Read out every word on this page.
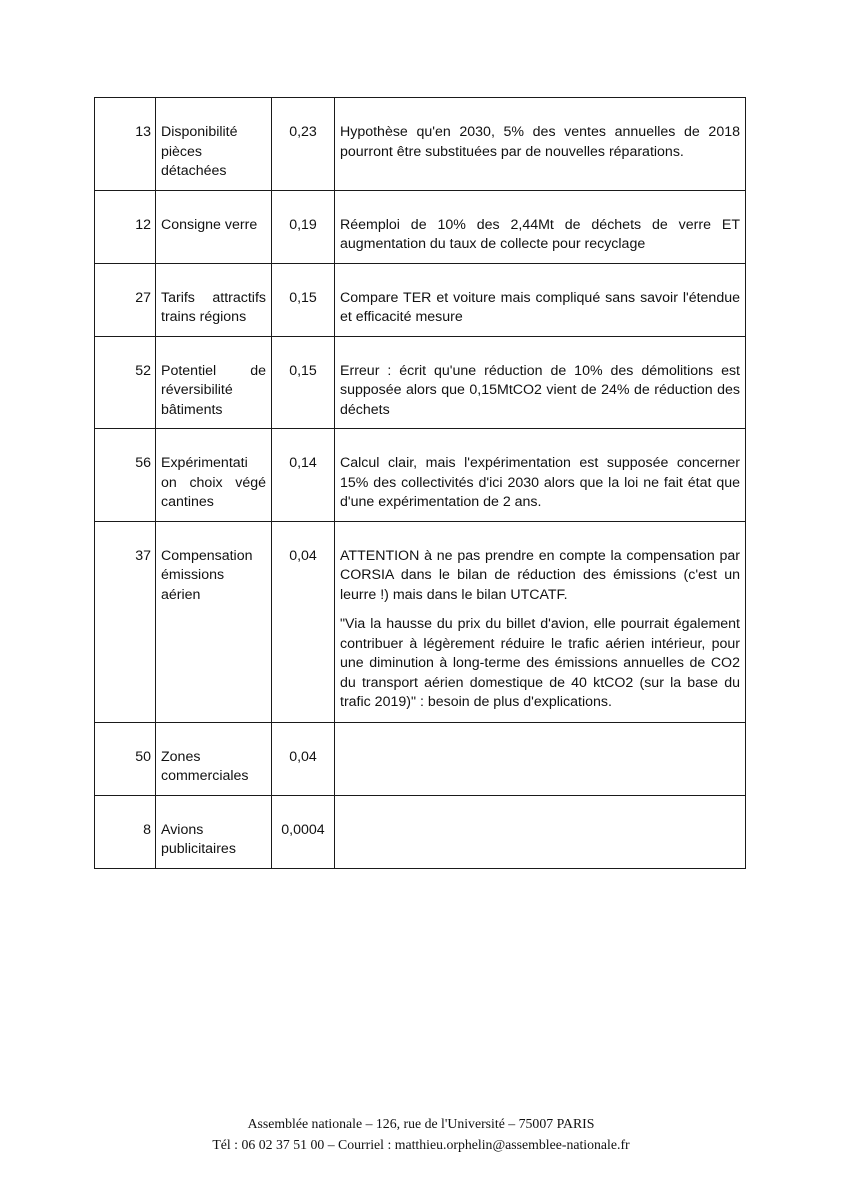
13	Disponibilité pièces détachées	0,23	Hypothèse qu'en 2030, 5% des ventes annuelles de 2018 pourront être substituées par de nouvelles réparations.

12	Consigne verre	0,19	Réemploi de 10% des 2,44Mt de déchets de verre ET augmentation du taux de collecte pour recyclage

27	Tarifs attractifs trains régions	0,15	Compare TER et voiture mais compliqué sans savoir l'étendue et efficacité mesure

52	Potentiel de réversibilité bâtiments	0,15	Erreur : écrit qu'une réduction de 10% des démolitions est supposée alors que 0,15MtCO2 vient de 24% de réduction des déchets

56	Expérimentati on choix végé cantines	0,14	Calcul clair, mais l'expérimentation est supposée concerner 15% des collectivités d'ici 2030 alors que la loi ne fait état que d'une expérimentation de 2 ans.

37	Compensation émissions aérien	0,04	ATTENTION à ne pas prendre en compte la compensation par CORSIA dans le bilan de réduction des émissions (c'est un leurre !) mais dans le bilan UTCATF.

"Via la hausse du prix du billet d'avion, elle pourrait également contribuer à légèrement réduire le trafic aérien intérieur, pour une diminution à long-terme des émissions annuelles de CO2 du transport aérien domestique de 40 ktCO2 (sur la base du trafic 2019)" : besoin de plus d'explications.

50	Zones commerciales	0,04	
8	Avions publicitaires	0,0004	
Assemblée nationale – 126, rue de l'Université – 75007 PARIS
Tél : 06 02 37 51 00 – Courriel : matthieu.orphelin@assemblee-nationale.fr
